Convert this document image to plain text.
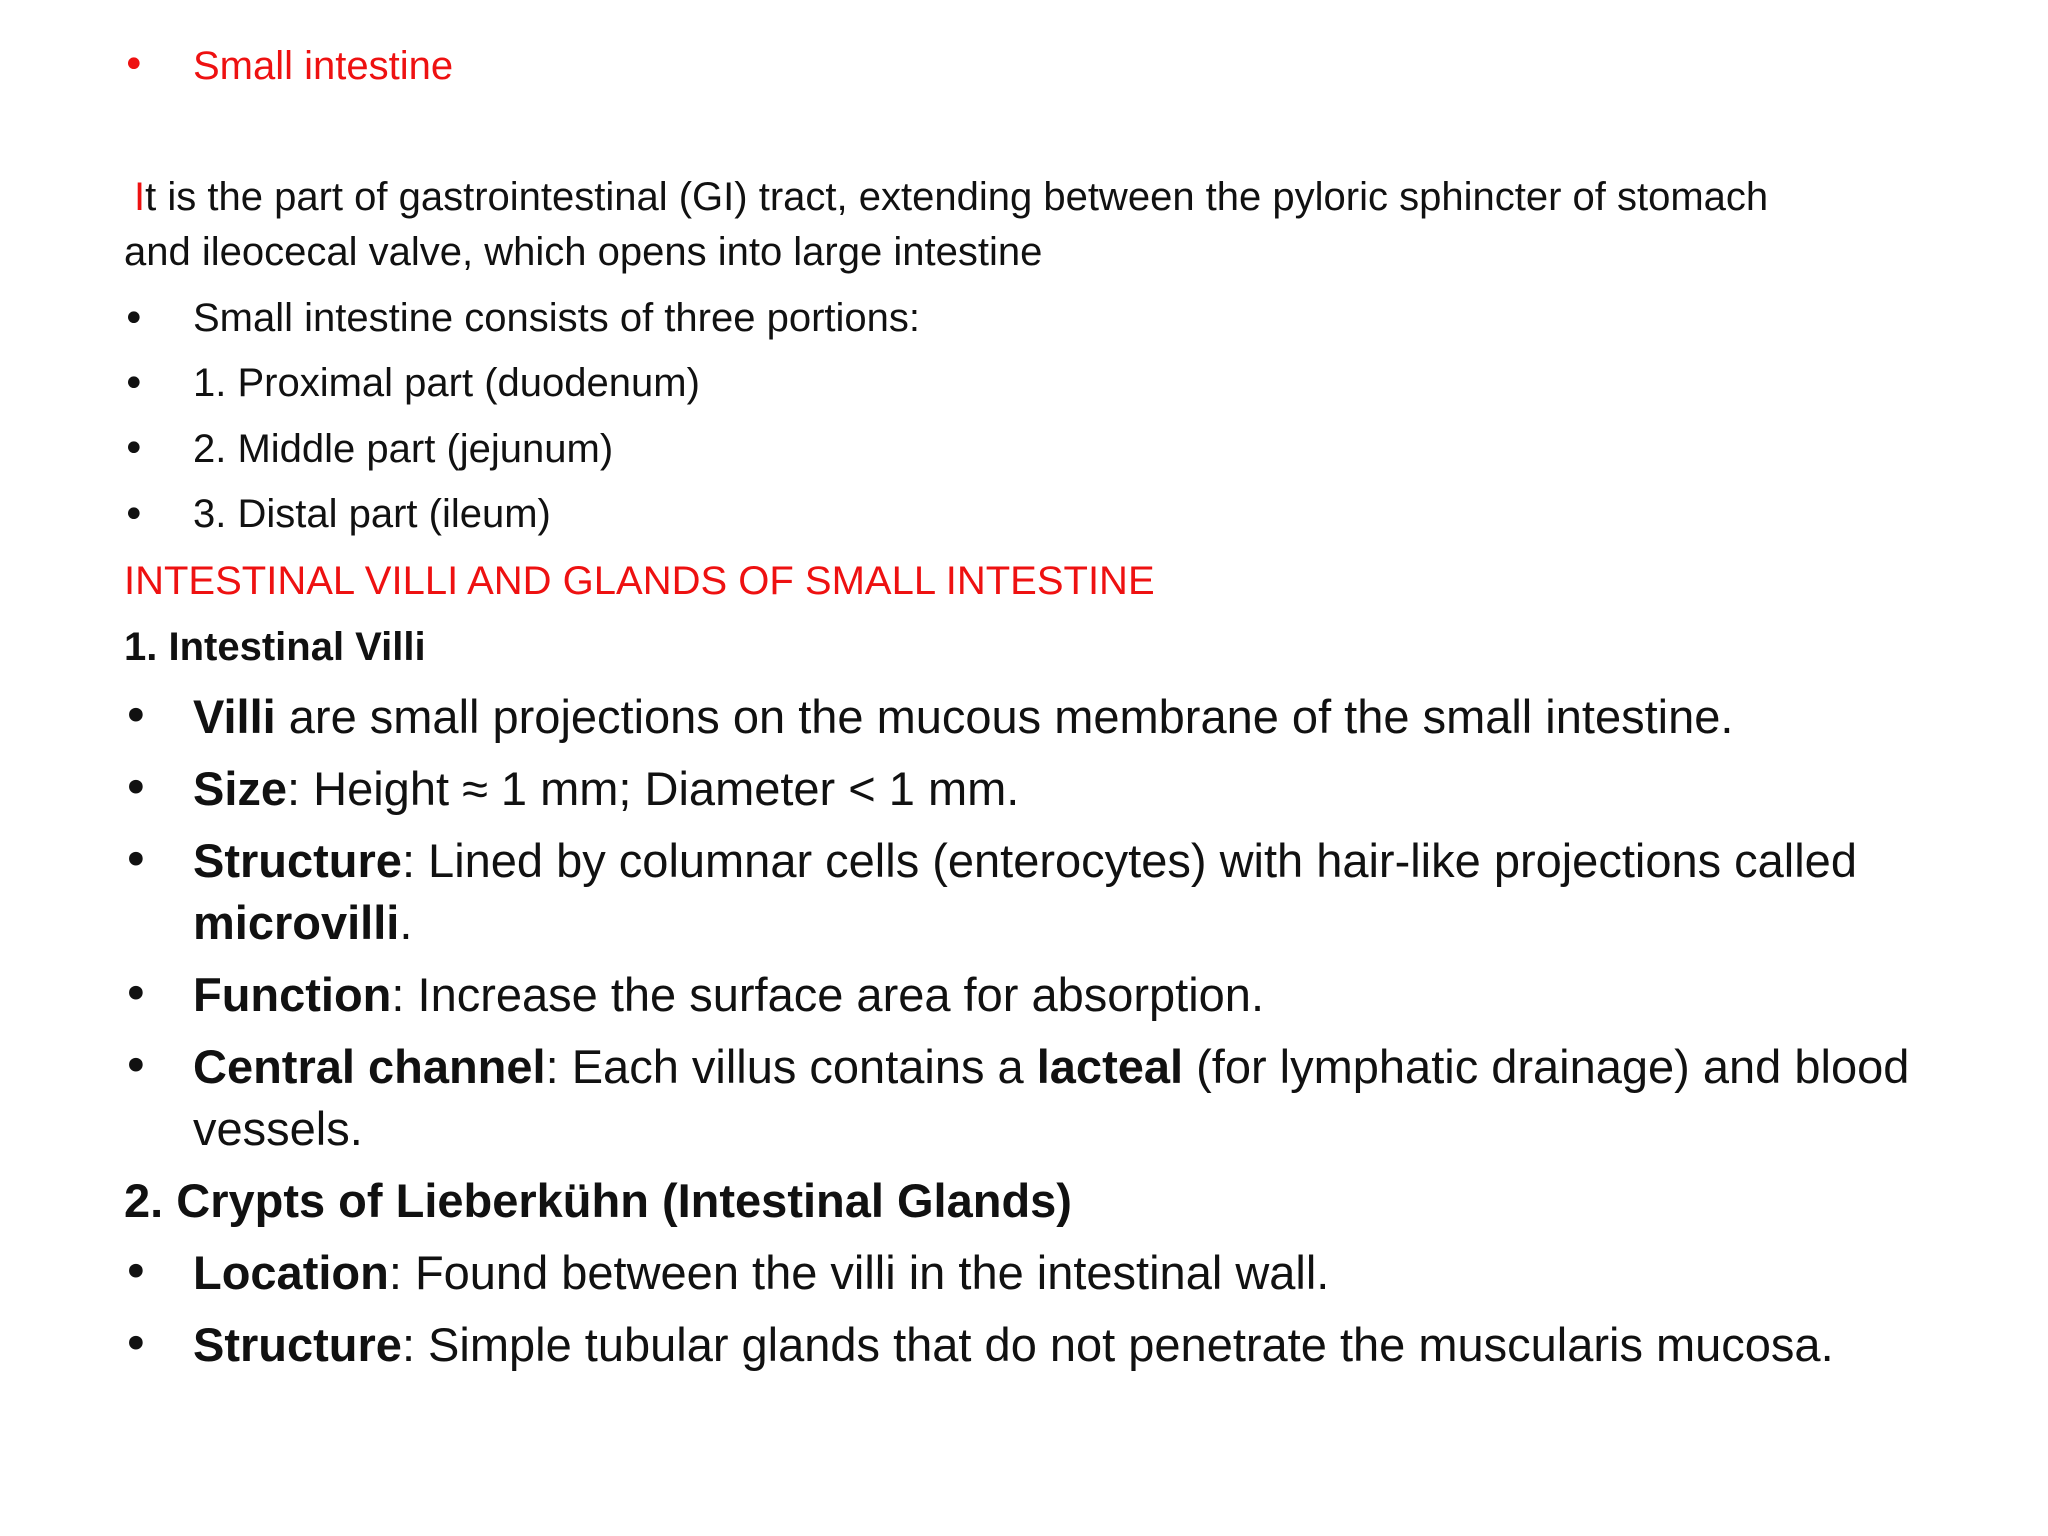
• Small intestine

It is the part of gastrointestinal (GI) tract, extending between the pyloric sphincter of stomach

and ileocecal valve, which opens into large intestine

• Small intestine consists of three portions:
• 1. Proximal part (duodenum)
• 2. Middle part (jejunum)
• 3. Distal part (ileum)

INTESTINAL VILLI AND GLANDS OF SMALL INTESTINE

1. Intestinal Villi

• Villi are small projections on the mucous membrane of the small intestine.

• Size: Height ≈ 1 mm; Diameter < 1 mm.

• Structure: Lined by columnar cells (enterocytes) with hair-like projections called

microvilli.

• Function: Increase the surface area for absorption.

• Central channel: Each villus contains a lacteal (for lymphatic drainage) and blood

vessels.

2. Crypts of Lieberkühn (Intestinal Glands)

• Location: Found between the villi in the intestinal wall.

• Structure: Simple tubular glands that do not penetrate the muscularis mucosa.
